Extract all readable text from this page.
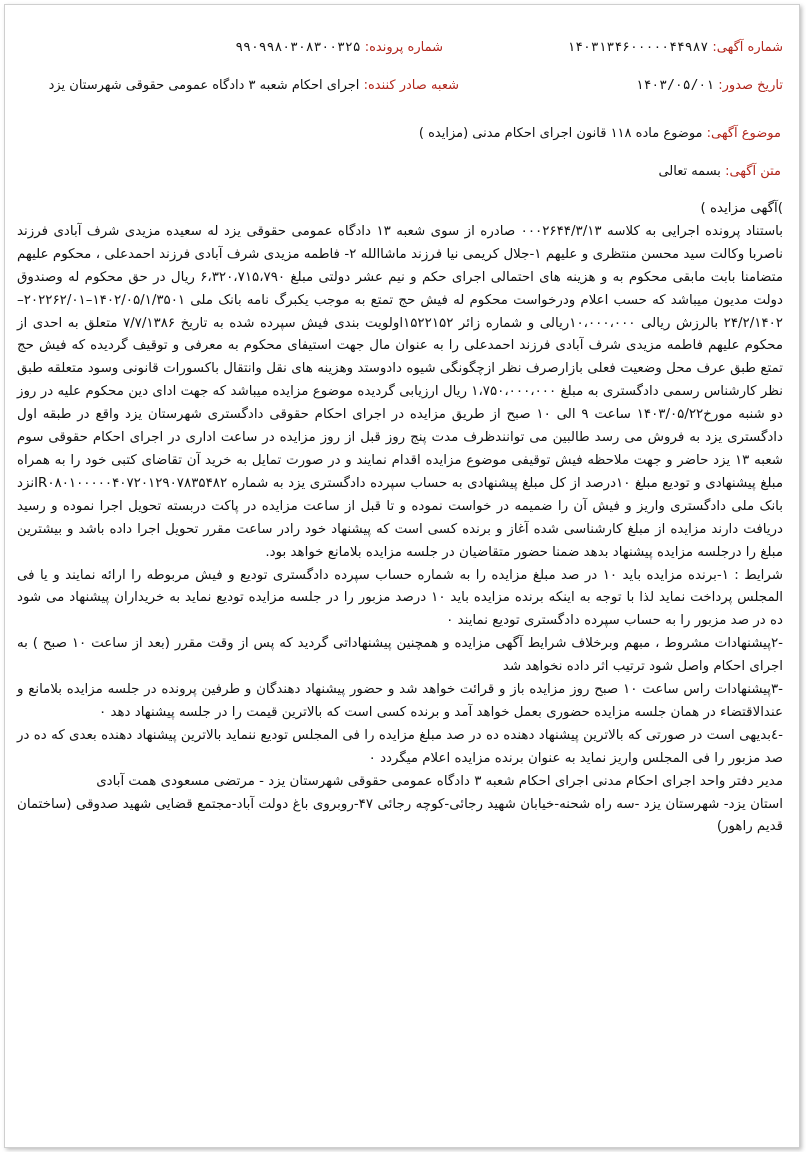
شماره آگهی: ۱۴۰۳۱۳۴۶۰۰۰۰۰۴۴۹۸۷
شماره پرونده: ۹۹۰۹۹۸۰۳۰۸۳۰۰۳۲۵
تاریخ صدور: ۱۴۰۳/۰۵/۰۱
شعبه صادر کننده: اجرای احکام شعبه ۳ دادگاه عمومی حقوقی شهرستان یزد
موضوع آگهی: موضوع ماده ۱۱۸ قانون اجرای احکام مدنی (مزایده )
متن آگهی: بسمه تعالی

)آگهی مزایده )

باستناد پرونده اجرایی به کلاسه ۰۰۰۲۶۴۴/۳/۱۳ صادره از سوی شعبه ۱۳ دادگاه عمومی حقوقی یزد له سعیده مزیدی شرف آبادی فرزند ناصربا وکالت سید محسن منتظری و علیهم ۱-جلال کریمی نیا فرزند ماشاالله ۲- فاطمه مزیدی شرف آبادی فرزند احمدعلی ، محکوم علیهم متضامنا بابت مابقی محکوم به و هزینه های احتمالی اجرای حکم و نیم عشر دولتی مبلغ ۶،۳۲۰،۷۱۵،۷۹۰ ریال در حق محکوم له وصندوق دولت مدیون میباشد که حسب اعلام ودرخواست محکوم له فیش حج تمتع به موجب یکبرگ نامه بانک ملی ۱۴۰۲/۰۵/۱/۳۵۰۱–۲۰۲۲۶۲/۰۱–۲۴/۲/۱۴۰۲ بالرزش ریالی ۱۰،۰۰۰،۰۰۰ریالی و شماره زائر ۱۵۲۲۱۵۲اولویت بندی فیش سپرده شده به تاریخ ۷/۷/۱۳۸۶ متعلق به احدی از محکوم علیهم فاطمه مزیدی شرف آبادی فرزند احمدعلی را به عنوان مال جهت استیفای محکوم به معرفی و توقیف گردیده که فیش حج تمتع طبق عرف محل وضعیت فعلی بازارصرف نظر ازچگونگی شیوه دادوستد وهزینه های نقل وانتقال باکسورات قانونی وسود متعلقه طبق نظر کارشناس رسمی دادگستری به مبلغ ۱،۷۵۰،۰۰۰،۰۰۰ ریال ارزیابی گردیده موضوع مزایده میباشد که جهت ادای دین محکوم علیه در روز دو شنبه مورخ۱۴۰۳/۰۵/۲۲ ساعت ۹ الی ۱۰ صبح از طریق مزایده در اجرای احکام حقوقی دادگستری شهرستان یزد واقع در طبقه اول دادگستری یزد به فروش می رسد طالبین می توانندظرف مدت پنج روز قبل از روز مزایده در ساعت اداری در اجرای احکام حقوقی سوم شعبه ۱۳ یزد حاضر و جهت ملاحظه فیش توقیفی موضوع مزایده اقدام نمایند و در صورت تمایل به خرید آن تقاضای کتبی خود را به همراه مبلغ پیشنهادی و تودیع مبلغ ۱۰درصد از کل مبلغ پیشنهادی به حساب سپرده دادگستری یزد به شماره IR۰۸۰۱۰۰۰۰۰۴۰۷۲۰۱۲۹۰۷۸۳۵۴۸۲نزد بانک ملی دادگستری واریز و فیش آن را ضمیمه در خواست نموده و تا قبل از ساعت مزایده در پاکت دربسته تحویل اجرا نموده و رسید دریافت دارند مزایده از مبلغ کارشناسی شده آغاز و برنده کسی است که پیشنهاد خود رادر ساعت مقرر تحویل اجرا داده باشد و بیشترین مبلغ را درجلسه مزایده پیشنهاد بدهد ضمنا حضور متقاضیان در جلسه مزایده بلامانع خواهد بود.

شرایط : ۱-برنده مزایده باید ۱۰ در صد مبلغ مزایده را به شماره حساب سپرده دادگستری تودیع و فیش مربوطه را ارائه نمایند و یا فی المجلس پرداخت نماید لذا با توجه به اینکه برنده مزایده باید ۱۰ درصد مزبور را در جلسه مزایده تودیع نماید به خریداران پیشنهاد می شود ده در صد مزبور را به حساب سپرده دادگستری تودیع نمایند ۰

-۲پیشنهادات مشروط ، مبهم وبرخلاف شرایط آگهی مزایده و همچنین پیشنهاداتی گردید که پس از وقت مقرر (بعد از ساعت ۱۰ صبح ) به اجرای احکام واصل شود ترتیب اثر داده نخواهد شد

-۳پیشنهادات راس ساعت ۱۰ صبح روز مزایده باز و قرائت خواهد شد و حضور پیشنهاد دهندگان و طرفین پرونده در جلسه مزایده بلامانع و عندالاقتضاء در همان جلسه مزایده حضوری بعمل خواهد آمد و برنده کسی است که بالاترین قیمت را در جلسه پیشنهاد دهد ۰

-٤بدیهی است در صورتی که بالاترین پیشنهاد دهنده ده در صد مبلغ مزایده را فی المجلس تودیع ننماید بالاترین پیشنهاد دهنده بعدی که ده در صد مزبور را فی المجلس واریز نماید به عنوان برنده مزایده اعلام میگردد ۰

مدیر دفتر واحد اجرای احکام مدنی اجرای احکام شعبه ۳ دادگاه عمومی حقوقی شهرستان یزد - مرتضی مسعودی همت آبادی

استان یزد- شهرستان یزد -سه راه شحنه-خیابان شهید رجائی-کوچه رجائی ۴۷-روبروی باغ دولت آباد-مجتمع قضایی شهید صدوقی (ساختمان قدیم راهور)
